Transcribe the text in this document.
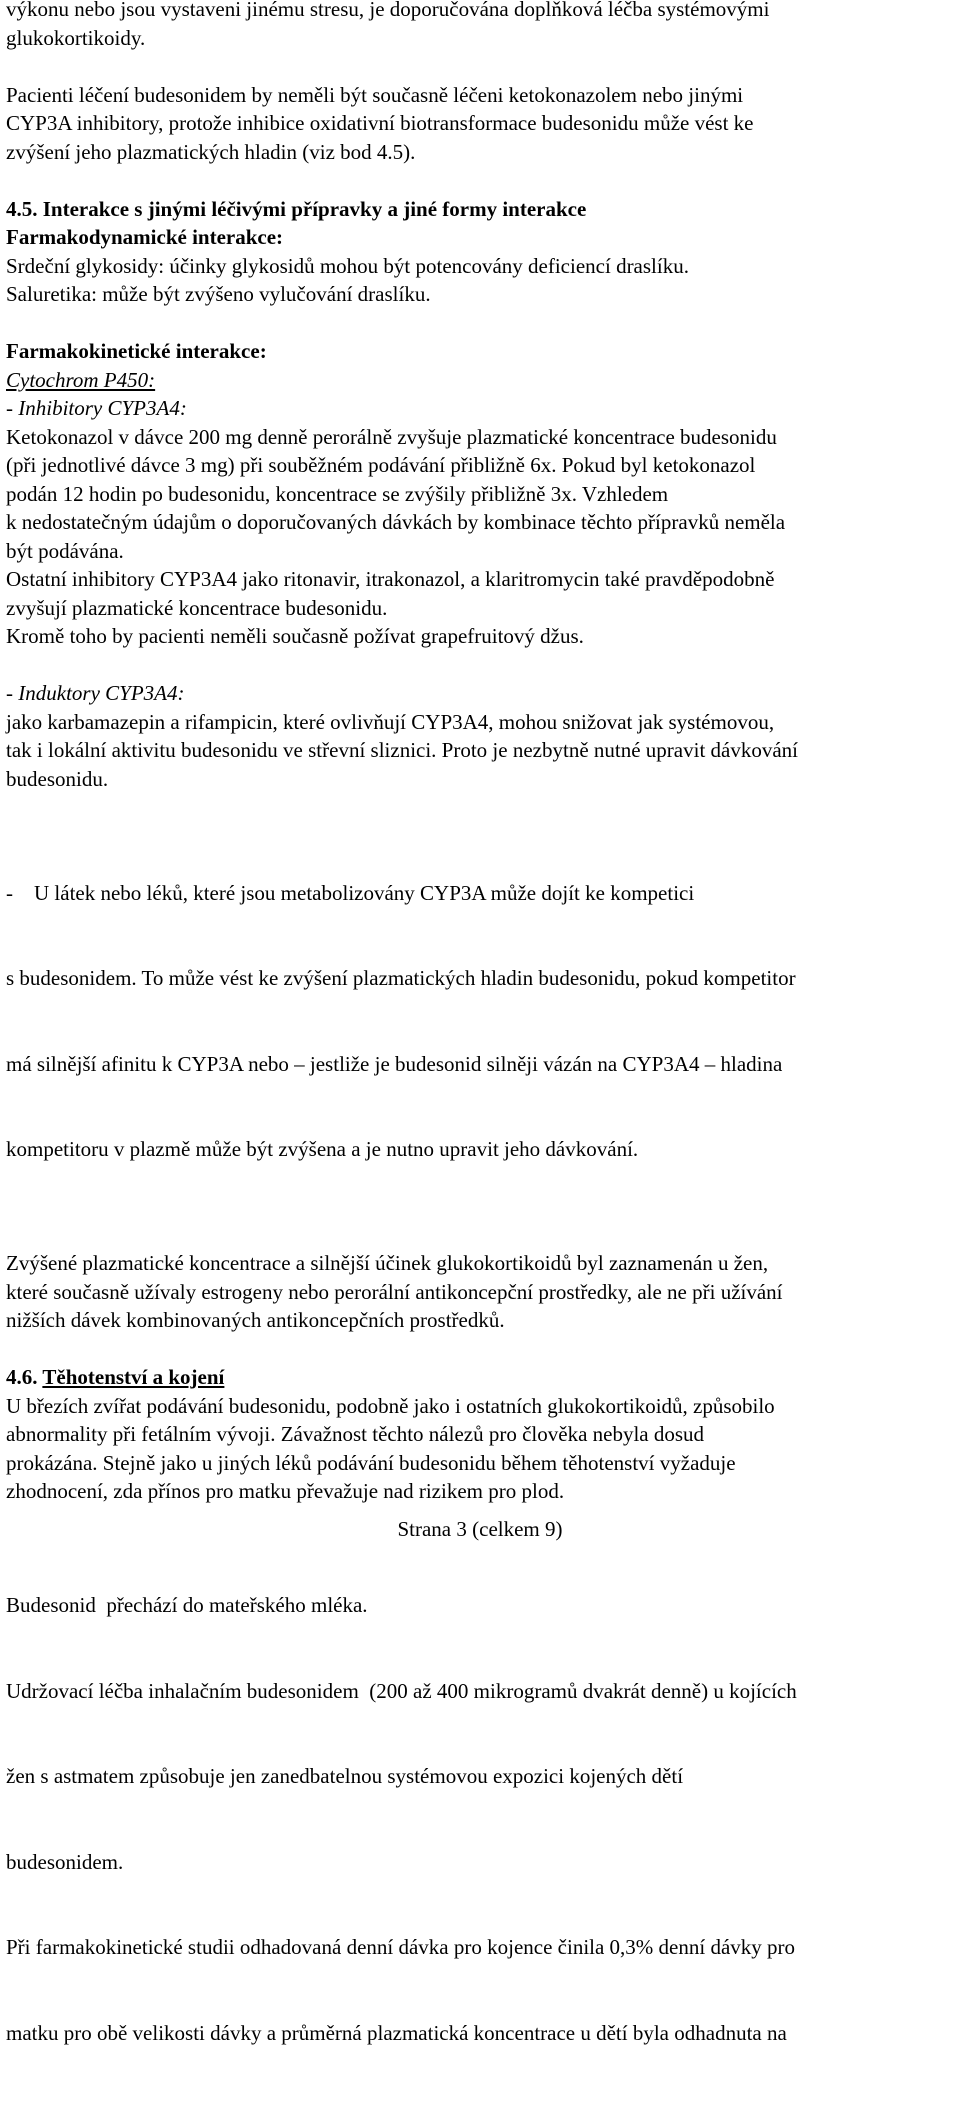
výkonu nebo jsou vystaveni jinému stresu, je doporučována doplňková léčba systémovými
glukokortikoidy.

Pacienti léčení budesonidem by neměli být současně léčeni ketokonazolem nebo jinými
CYP3A inhibitory, protože inhibice oxidativní biotransformace budesonidu může vést ke
zvýšení jeho plazmatických hladin (viz bod 4.5).

4.5. Interakce s jinými léčivými přípravky a jiné formy interakce

Farmakodynamické interakce:

Srdeční glykosidy: účinky glykosidů mohou být potencovány deficiencí draslíku.
Saluretika: může být zvýšeno vylučování draslíku.

Farmakokinetické interakce:

Cytochrom P450:

- Inhibitory CYP3A4:

Ketokonazol v dávce 200 mg denně perorálně zvyšuje plazmatické koncentrace budesonidu
(při jednotlivé dávce 3 mg) při souběžném podávání přibližně 6x. Pokud byl ketokonazol
podán 12 hodin po budesonidu, koncentrace se zvýšily přibližně 3x. Vzhledem
k nedostatečným údajům o doporučovaných dávkách by kombinace těchto přípravků neměla
být podávána.
Ostatní inhibitory CYP3A4 jako ritonavir, itrakonazol, a klaritromycin také pravděpodobně
zvyšují plazmatické koncentrace budesonidu.
Kromě toho by pacienti neměli současně požívat grapefruitový džus.

- Induktory CYP3A4:

jako karbamazepin a rifampicin, které ovlivňují CYP3A4, mohou snižovat jak systémovou,
tak i lokální aktivitu budesonidu ve střevní sliznici. Proto je nezbytně nutné upravit dávkování
budesonidu.

-    U látek nebo léků, které jsou metabolizovány CYP3A může dojít ke kompetici

s budesonidem. To může vést ke zvýšení plazmatických hladin budesonidu, pokud kompetitor

má silnější afinitu k CYP3A nebo – jestliže je budesonid silněji vázán na CYP3A4 – hladina

kompetitoru v plazmě může být zvýšena a je nutno upravit jeho dávkování.

Zvýšené plazmatické koncentrace a silnější účinek glukokortikoidů byl zaznamenán u žen,
které současně užívaly estrogeny nebo perorální antikoncepční prostředky, ale ne při užívání
nižších dávek kombinovaných antikoncepčních prostředků.

4.6. Těhotenství a kojení

U březích zvířat podávání budesonidu, podobně jako i ostatních glukokortikoidů, způsobilo
abnormality při fetálním vývoji. Závažnost těchto nálezů pro člověka nebyla dosud
prokázána. Stejně jako u jiných léků podávání budesonidu během těhotenství vyžaduje
zhodnocení, zda přínos pro matku převažuje nad rizikem pro plod.

Budesonid  přechází do mateřského mléka.

Udržovací léčba inhalačním budesonidem  (200 až 400 mikrogramů dvakrát denně) u kojících

žen s astmatem způsobuje jen zanedbatelnou systémovou expozici kojených dětí

budesonidem.

Při farmakokinetické studii odhadovaná denní dávka pro kojence činila 0,3% denní dávky pro

matku pro obě velikosti dávky a průměrná plazmatická koncentrace u dětí byla odhadnuta na

Strana 3 (celkem 9)
